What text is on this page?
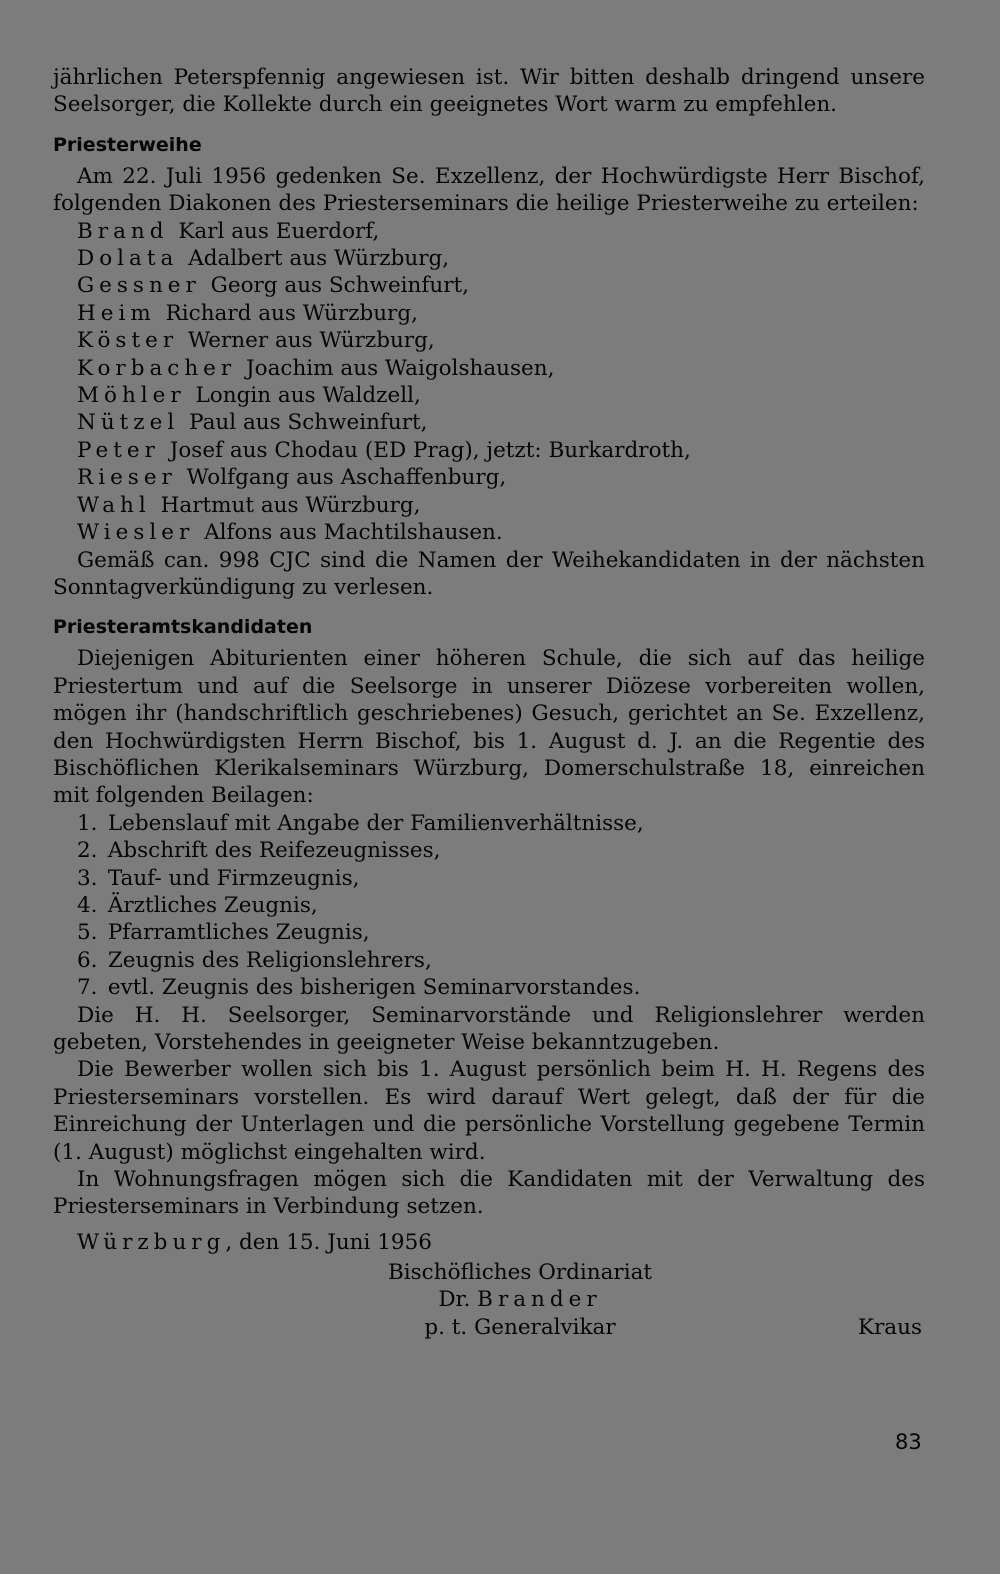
jährlichen Peterspfennig angewiesen ist. Wir bitten deshalb dringend unsere Seelsorger, die Kollekte durch ein geeignetes Wort warm zu empfehlen.

Priesterweihe

Am 22. Juli 1956 gedenken Se. Exzellenz, der Hochwürdigste Herr Bischof, folgenden Diakonen des Priesterseminars die heilige Priesterweihe zu erteilen:

Brand Karl aus Euerdorf,
Dolata Adalbert aus Würzburg,
Gessner Georg aus Schweinfurt,
Heim Richard aus Würzburg,
Köster Werner aus Würzburg,
Korbacher Joachim aus Waigolshausen,
Möhler Longin aus Waldzell,
Nützel Paul aus Schweinfurt,
Peter Josef aus Chodau (ED Prag), jetzt: Burkardroth,
Rieser Wolfgang aus Aschaffenburg,
Wahl Hartmut aus Würzburg,
Wiesler Alfons aus Machtilshausen.

Gemäß can. 998 CJC sind die Namen der Weihekandidaten in der nächsten Sonntagverkündigung zu verlesen.

Priesteramtskandidaten

Diejenigen Abiturienten einer höheren Schule, die sich auf das heilige Priestertum und auf die Seelsorge in unserer Diözese vorbereiten wollen, mögen ihr (handschriftlich geschriebenes) Gesuch, gerichtet an Se. Exzellenz, den Hochwürdigsten Herrn Bischof, bis 1. August d. J. an die Regentie des Bischöflichen Klerikalseminars Würzburg, Domerschulstraße 18, einreichen mit folgenden Beilagen:

1. Lebenslauf mit Angabe der Familienverhältnisse,
2. Abschrift des Reifezeugnisses,
3. Tauf- und Firmzeugnis,
4. Ärztliches Zeugnis,
5. Pfarramtliches Zeugnis,
6. Zeugnis des Religionslehrers,
7. evtl. Zeugnis des bisherigen Seminarvorstandes.

Die H. H. Seelsorger, Seminarvorstände und Religionslehrer werden gebeten, Vorstehendes in geeigneter Weise bekanntzugeben.

Die Bewerber wollen sich bis 1. August persönlich beim H. H. Regens des Priesterseminars vorstellen. Es wird darauf Wert gelegt, daß der für die Einreichung der Unterlagen und die persönliche Vorstellung gegebene Termin (1. August) möglichst eingehalten wird.

In Wohnungsfragen mögen sich die Kandidaten mit der Verwaltung des Priesterseminars in Verbindung setzen.

Würzburg, den 15. Juni 1956
Bischöfliches Ordinariat
Dr. Brander
p. t. Generalvikar	Kraus
83
